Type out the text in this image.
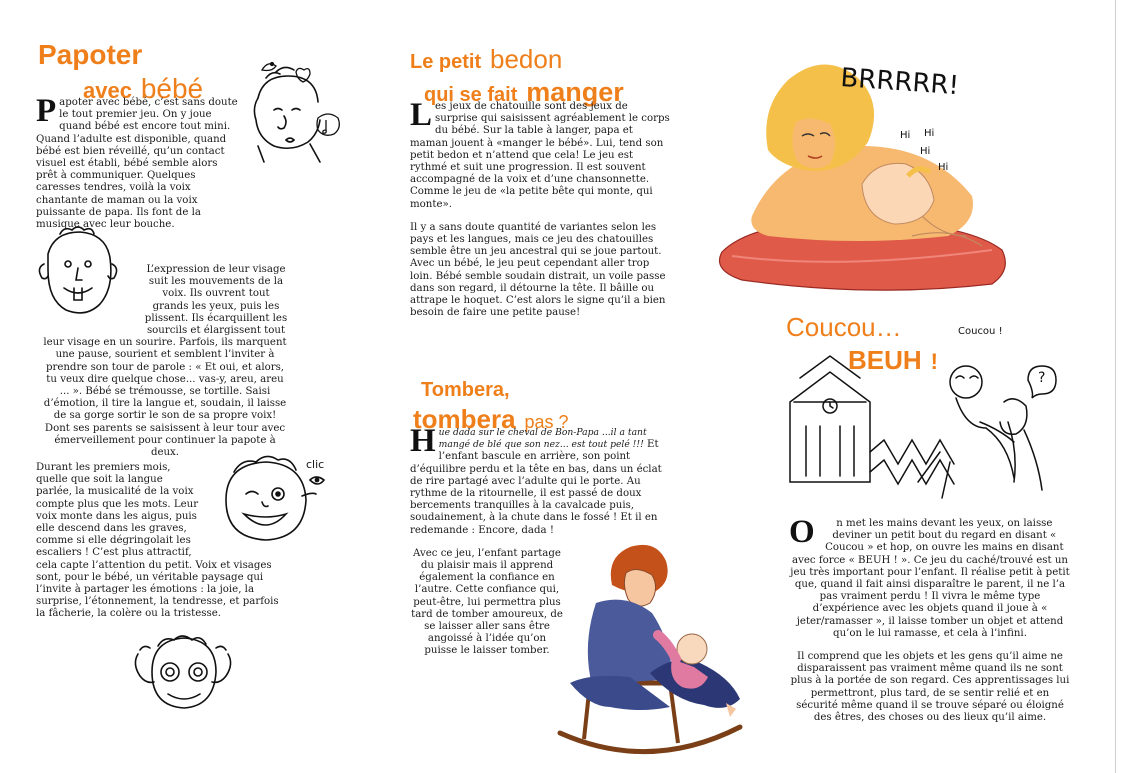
Papoter
avec bébé

P apoter avec bébé, c’est sans doute le tout premier jeu. On y joue quand bébé est encore tout mini. Quand l’adulte est disponible, quand bébé est bien réveillé, qu’un contact visuel est établi, bébé semble alors prêt à communiquer. Quelques caresses tendres, voilà la voix chantante de maman ou la voix puissante de papa. Ils font de la musique avec leur bouche.

L’expression de leur visage suit les mouvements de la voix. Ils ouvrent tout grands les yeux, puis les plissent. Ils écarquillent les sourcils et élargissent tout leur visage en un sourire. Parfois, ils marquent une pause, sourient et semblent l’inviter à prendre son tour de parole : « Et oui, et alors, tu veux dire quelque chose... vas-y, areu, areu ... ». Bébé se trémousse, se tortille. Saisi d’émotion, il tire la langue et, soudain, il laisse de sa gorge sortir le son de sa propre voix! Dont ses parents se saisissent à leur tour avec émerveillement pour continuer la papote à deux.

clic

Durant les premiers mois, quelle que soit la langue parlée, la musicalité de la voix compte plus que les mots. Leur voix monte dans les aigus, puis elle descend dans les graves, comme si elle dégringolait les escaliers ! C’est plus attractif, cela capte l’attention du petit. Voix et visages sont, pour le bébé, un véritable paysage qui l’invite à partager les émotions : la joie, la surprise, l’étonnement, la tendresse, et parfois la fâcherie, la colère ou la tristesse.

Le petit bedon
qui se fait manger

L es jeux de chatouille sont des jeux de surprise qui saisissent agréablement le corps du bébé. Sur la table à langer, papa et maman jouent à «manger le bébé». Lui, tend son petit bedon et n’attend que cela! Le jeu est rythmé et suit une progression. Il est souvent accompagné de la voix et d’une chansonnette. Comme le jeu de «la petite bête qui monte, qui monte».

Il y a sans doute quantité de variantes selon les pays et les langues, mais ce jeu des chatouilles semble être un jeu ancestral qui se joue partout. Avec un bébé, le jeu peut cependant aller trop loin. Bébé semble soudain distrait, un voile passe dans son regard, il détourne la tête. Il bâille ou attrape le hoquet. C’est alors le signe qu’il a bien besoin de faire une petite pause!

Tombera,
tombera pas ?

H ue dada sur le cheval de Bon-Papa ...il a tant mangé de blé que son nez... est tout pelé !!! Et l’enfant bascule en arrière, son point d’équilibre perdu et la tête en bas, dans un éclat de rire partagé avec l’adulte qui le porte. Au rythme de la ritournelle, il est passé de doux bercements tranquilles à la cavalcade puis, soudainement, à la chute dans le fossé ! Et il en redemande : Encore, dada !

Avec ce jeu, l’enfant partage du plaisir mais il apprend également la confiance en l’autre. Cette confiance qui, peut-être, lui permettra plus tard de tomber amoureux, de se laisser aller sans être angoissé à l’idée qu’on puisse le laisser tomber.

BRRRRR!
Hi Hi
Hi
Hi
Coucou…
BEUH !
Coucou !
?

O n met les mains devant les yeux, on laisse deviner un petit bout du regard en disant « Coucou » et hop, on ouvre les mains en disant avec force « BEUH ! ». Ce jeu du caché/trouvé est un jeu très important pour l’enfant. Il réalise petit à petit que, quand il fait ainsi disparaître le parent, il ne l’a pas vraiment perdu ! Il vivra le même type d’expérience avec les objets quand il joue à « jeter/ramasser », il laisse tomber un objet et attend qu’on le lui ramasse, et cela à l’infini.

Il comprend que les objets et les gens qu’il aime ne disparaissent pas vraiment même quand ils ne sont plus à la portée de son regard. Ces apprentissages lui permettront, plus tard, de se sentir relié et en sécurité même quand il se trouve séparé ou éloigné des êtres, des choses ou des lieux qu’il aime.
